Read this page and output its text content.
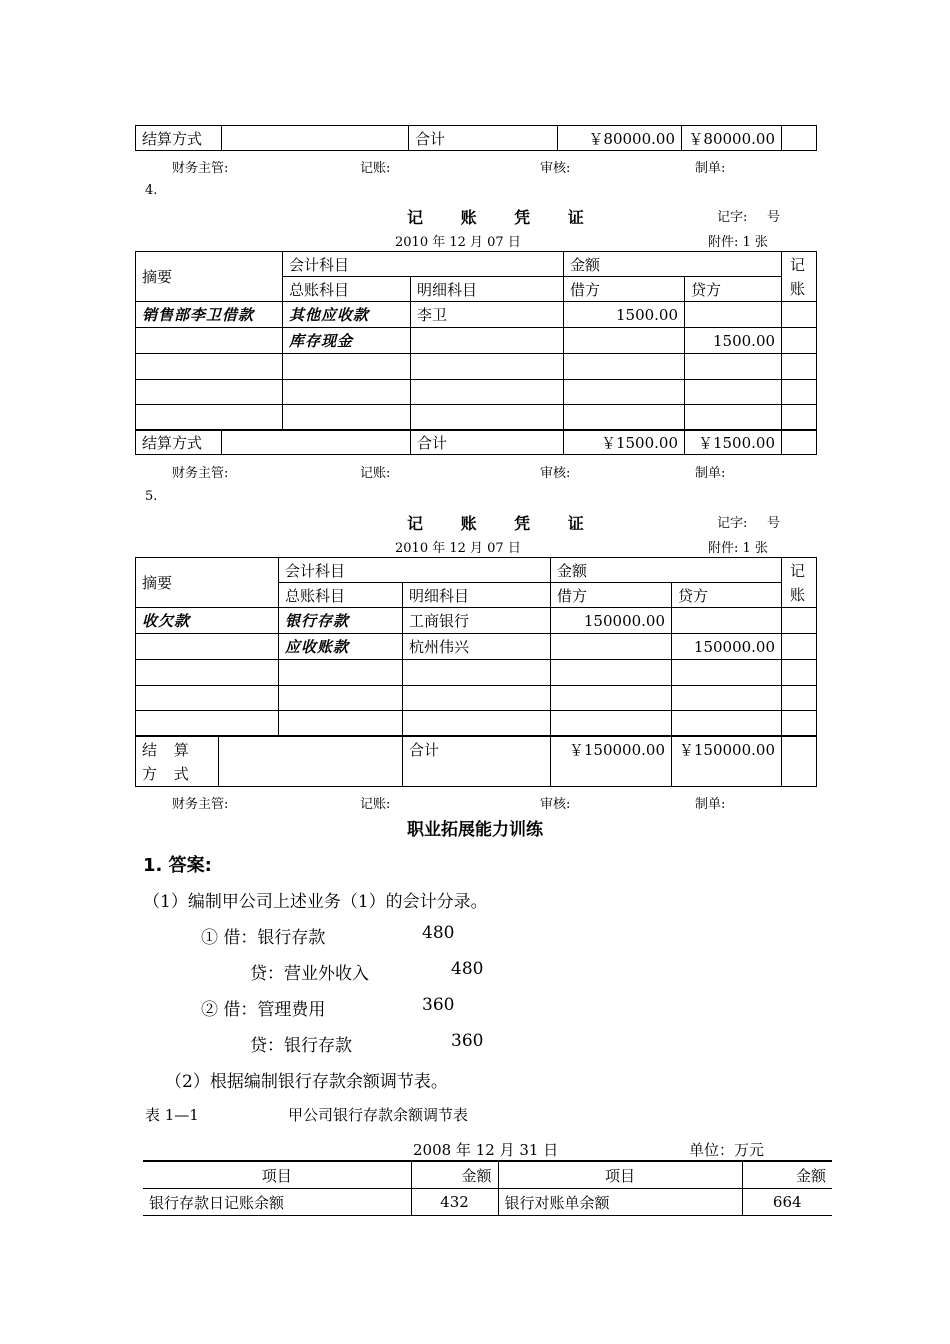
结算方式		合计	￥80000.00	￥80000.00	
财务主管:	记账:	审核:	制单:
4.
记 账 凭 证	记字: 号
2010 年 12 月 07 日	附件: 1 张
摘要	会计科目		金额		记账
	总账科目	明细科目	借方	贷方	
销售部李卫借款	其他应收款	李卫	1500.00		
	库存现金			1500.00	

结算方式		合计	￥1500.00	￥1500.00	
财务主管:	记账:	审核:	制单:
5.
记 账 凭 证	记字: 号
2010 年 12 月 07 日	附件: 1 张
摘要	会计科目		金额		记账
	总账科目	明细科目	借方	贷方	
收欠款	银行存款	工商银行	150000.00		
	应收账款	杭州伟兴		150000.00	

结 算 方 式		合计	￥150000.00	￥150000.00	
财务主管:	记账:	审核:	制单:
职业拓展能力训练
1. 答案:
（1）编制甲公司上述业务（1）的会计分录。
① 借：银行存款	480
贷：营业外收入	480
② 借：管理费用	360
贷：银行存款	360
（2）根据编制银行存款余额调节表。
表 1—1	甲公司银行存款余额调节表
2008 年 12 月 31 日	单位：万元
项目	金额	项目	金额
银行存款日记账余额	432	银行对账单余额	664
